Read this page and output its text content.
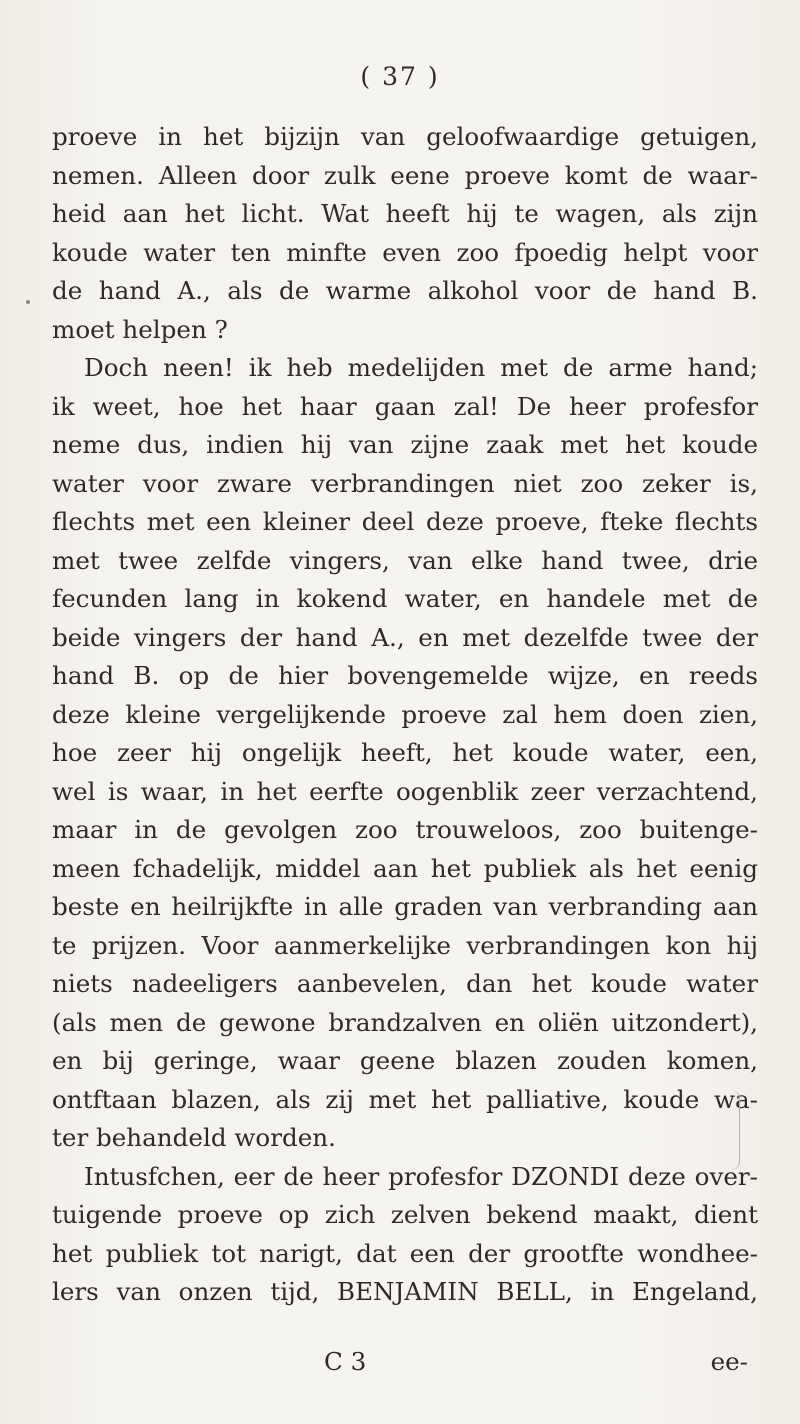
( 37 )
proeve in het bijzijn van geloofwaardige getuigen,
nemen. Alleen door zulk eene proeve komt de waar-
heid aan het licht. Wat heeft hij te wagen, als zijn
koude water ten minfte even zoo fpoedig helpt voor
de hand A., als de warme alkohol voor de hand B.
moet helpen ?
Doch neen! ik heb medelijden met de arme hand;
ik weet, hoe het haar gaan zal! De heer profesfor
neme dus, indien hij van zijne zaak met het koude
water voor zware verbrandingen niet zoo zeker is,
flechts met een kleiner deel deze proeve, fteke flechts
met twee zelfde vingers, van elke hand twee, drie
fecunden lang in kokend water, en handele met de
beide vingers der hand A., en met dezelfde twee der
hand B. op de hier bovengemelde wijze, en reeds
deze kleine vergelijkende proeve zal hem doen zien,
hoe zeer hij ongelijk heeft, het koude water, een,
wel is waar, in het eerfte oogenblik zeer verzachtend,
maar in de gevolgen zoo trouweloos, zoo buitenge-
meen fchadelijk, middel aan het publiek als het eenig
beste en heilrijkfte in alle graden van verbranding aan
te prijzen. Voor aanmerkelijke verbrandingen kon hij
niets nadeeligers aanbevelen, dan het koude water
(als men de gewone brandzalven en oliën uitzondert),
en bij geringe, waar geene blazen zouden komen,
ontftaan blazen, als zij met het palliative, koude wa-
ter behandeld worden.
Intusfchen, eer de heer profesfor DZONDI deze over-
tuigende proeve op zich zelven bekend maakt, dient
het publiek tot narigt, dat een der grootfte wondhee-
lers van onzen tijd, BENJAMIN BELL, in Engeland,
C 3	ee-
